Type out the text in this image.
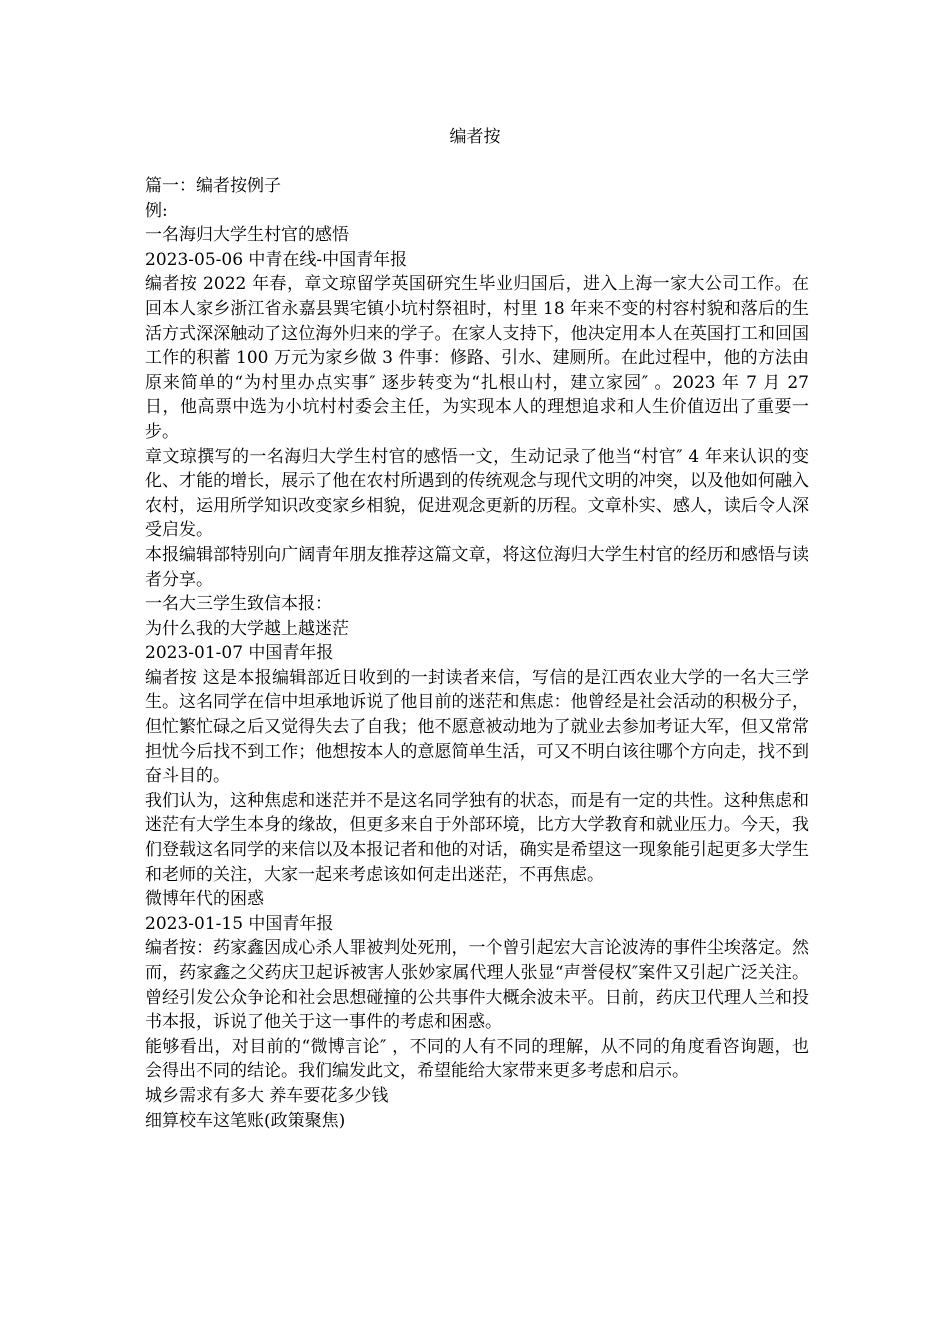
编者按

篇一：编者按例子

例:

一名海归大学生村官的感悟

2023-05-06 中青在线-中国青年报

编者按 2022 年春，章文琼留学英国研究生毕业归国后，进入上海一家大公司工作。在回本人家乡浙江省永嘉县巽宅镇小坑村祭祖时，村里 18 年来不变的村容村貌和落后的生活方式深深触动了这位海外归来的学子。在家人支持下，他决定用本人在英国打工和回国工作的积蓄 100 万元为家乡做 3 件事：修路、引水、建厕所。在此过程中，他的方法由原来简单的“为村里办点实事″ 逐步转变为“扎根山村，建立家园″ 。2023 年 7 月 27 日，他高票中选为小坑村村委会主任，为实现本人的理想追求和人生价值迈出了重要一步。

章文琼撰写的一名海归大学生村官的感悟一文，生动记录了他当“村官″ 4 年来认识的变化、才能的增长，展示了他在农村所遇到的传统观念与现代文明的冲突，以及他如何融入农村，运用所学知识改变家乡相貌，促进观念更新的历程。文章朴实、感人，读后令人深受启发。

本报编辑部特别向广阔青年朋友推荐这篇文章，将这位海归大学生村官的经历和感悟与读者分享。

一名大三学生致信本报：

为什么我的大学越上越迷茫

2023-01-07 中国青年报

编者按 这是本报编辑部近日收到的一封读者来信，写信的是江西农业大学的一名大三学生。这名同学在信中坦承地诉说了他目前的迷茫和焦虑：他曾经是社会活动的积极分子，但忙繁忙碌之后又觉得失去了自我；他不愿意被动地为了就业去参加考证大军，但又常常担忧今后找不到工作；他想按本人的意愿简单生活，可又不明白该往哪个方向走，找不到奋斗目的。

我们认为，这种焦虑和迷茫并不是这名同学独有的状态，而是有一定的共性。这种焦虑和迷茫有大学生本身的缘故，但更多来自于外部环境，比方大学教育和就业压力。今天，我们登载这名同学的来信以及本报记者和他的对话，确实是希望这一现象能引起更多大学生和老师的关注，大家一起来考虑该如何走出迷茫，不再焦虑。

微博年代的困惑

2023-01-15 中国青年报

编者按：药家鑫因成心杀人罪被判处死刑，一个曾引起宏大言论波涛的事件尘埃落定。然而，药家鑫之父药庆卫起诉被害人张妙家属代理人张显“声誉侵权″案件又引起广泛关注。曾经引发公众争论和社会思想碰撞的公共事件大概余波未平。日前，药庆卫代理人兰和投书本报，诉说了他关于这一事件的考虑和困惑。

能够看出，对目前的“微博言论″ ，不同的人有不同的理解，从不同的角度看咨询题，也会得出不同的结论。我们编发此文，希望能给大家带来更多考虑和启示。

城乡需求有多大 养车要花多少钱

细算校车这笔账(政策聚焦)
